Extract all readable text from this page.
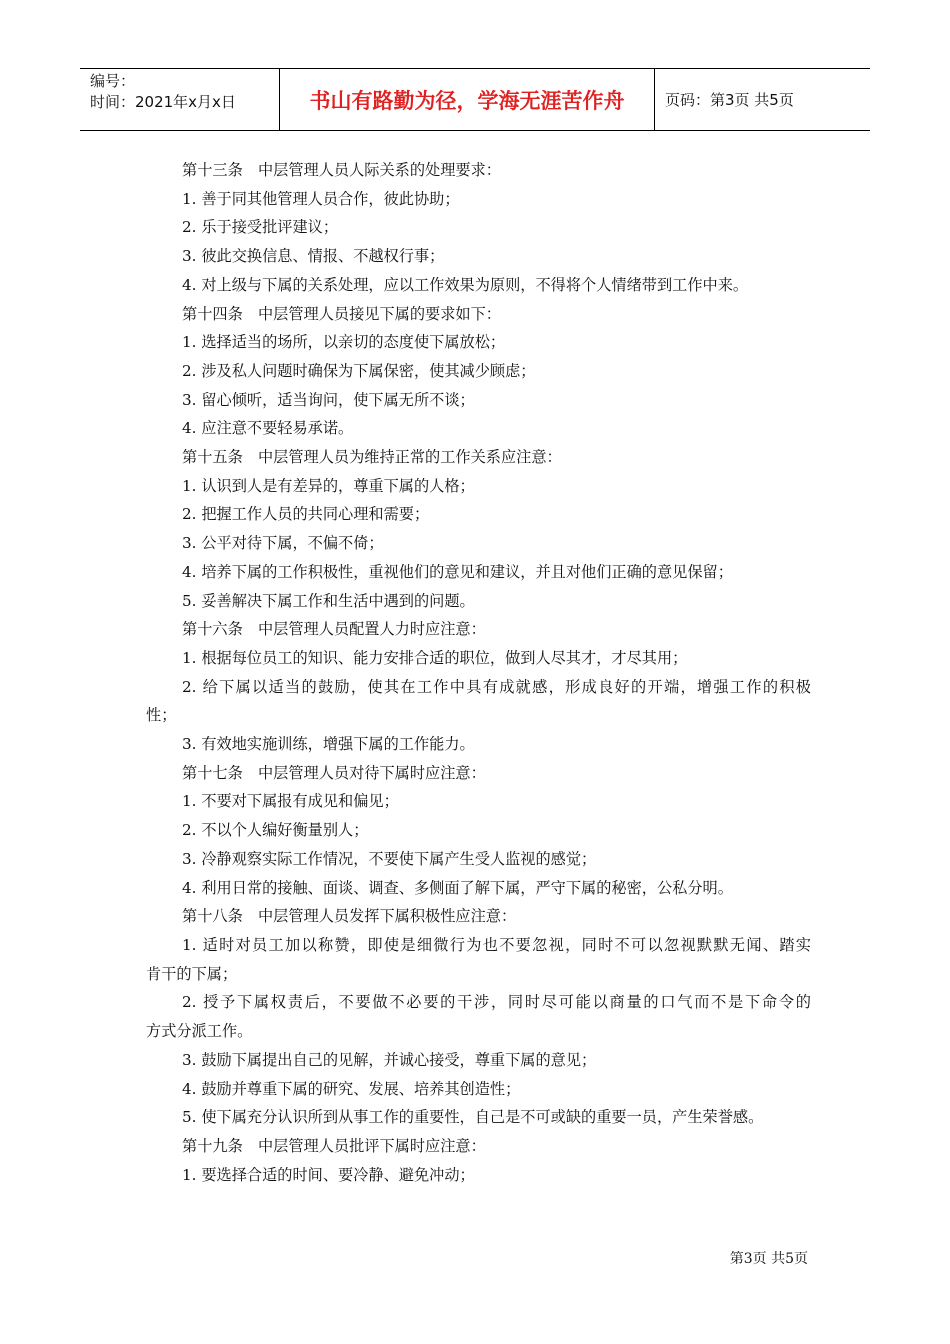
编号：
时间：2021年x月x日	书山有路勤为径，学海无涯苦作舟	页码：第3页 共5页
第十三条　中层管理人员人际关系的处理要求：
1. 善于同其他管理人员合作，彼此协助；
2. 乐于接受批评建议；
3. 彼此交换信息、情报、不越权行事；
4. 对上级与下属的关系处理，应以工作效果为原则，不得将个人情绪带到工作中来。
第十四条　中层管理人员接见下属的要求如下：
1. 选择适当的场所，以亲切的态度使下属放松；
2. 涉及私人问题时确保为下属保密，使其减少顾虑；
3. 留心倾听，适当询问，使下属无所不谈；
4. 应注意不要轻易承诺。
第十五条　中层管理人员为维持正常的工作关系应注意：
1. 认识到人是有差异的，尊重下属的人格；
2. 把握工作人员的共同心理和需要；
3. 公平对待下属，不偏不倚；
4. 培养下属的工作积极性，重视他们的意见和建议，并且对他们正确的意见保留；
5. 妥善解决下属工作和生活中遇到的问题。
第十六条　中层管理人员配置人力时应注意：
1. 根据每位员工的知识、能力安排合适的职位，做到人尽其才，才尽其用；
2. 给下属以适当的鼓励，使其在工作中具有成就感，形成良好的开端，增强工作的积极
性；
3. 有效地实施训练，增强下属的工作能力。
第十七条　中层管理人员对待下属时应注意：
1. 不要对下属报有成见和偏见；
2. 不以个人编好衡量别人；
3. 冷静观察实际工作情况，不要使下属产生受人监视的感觉；
4. 利用日常的接触、面谈、调查、多侧面了解下属，严守下属的秘密，公私分明。
第十八条　中层管理人员发挥下属积极性应注意：
1. 适时对员工加以称赞，即使是细微行为也不要忽视，同时不可以忽视默默无闻、踏实
肯干的下属；
2. 授予下属权责后，不要做不必要的干涉，同时尽可能以商量的口气而不是下命令的
方式分派工作。
3. 鼓励下属提出自己的见解，并诚心接受，尊重下属的意见；
4. 鼓励并尊重下属的研究、发展、培养其创造性；
5. 使下属充分认识所到从事工作的重要性，自己是不可或缺的重要一员，产生荣誉感。
第十九条　中层管理人员批评下属时应注意：
1. 要选择合适的时间、要冷静、避免冲动；
第3页 共5页
